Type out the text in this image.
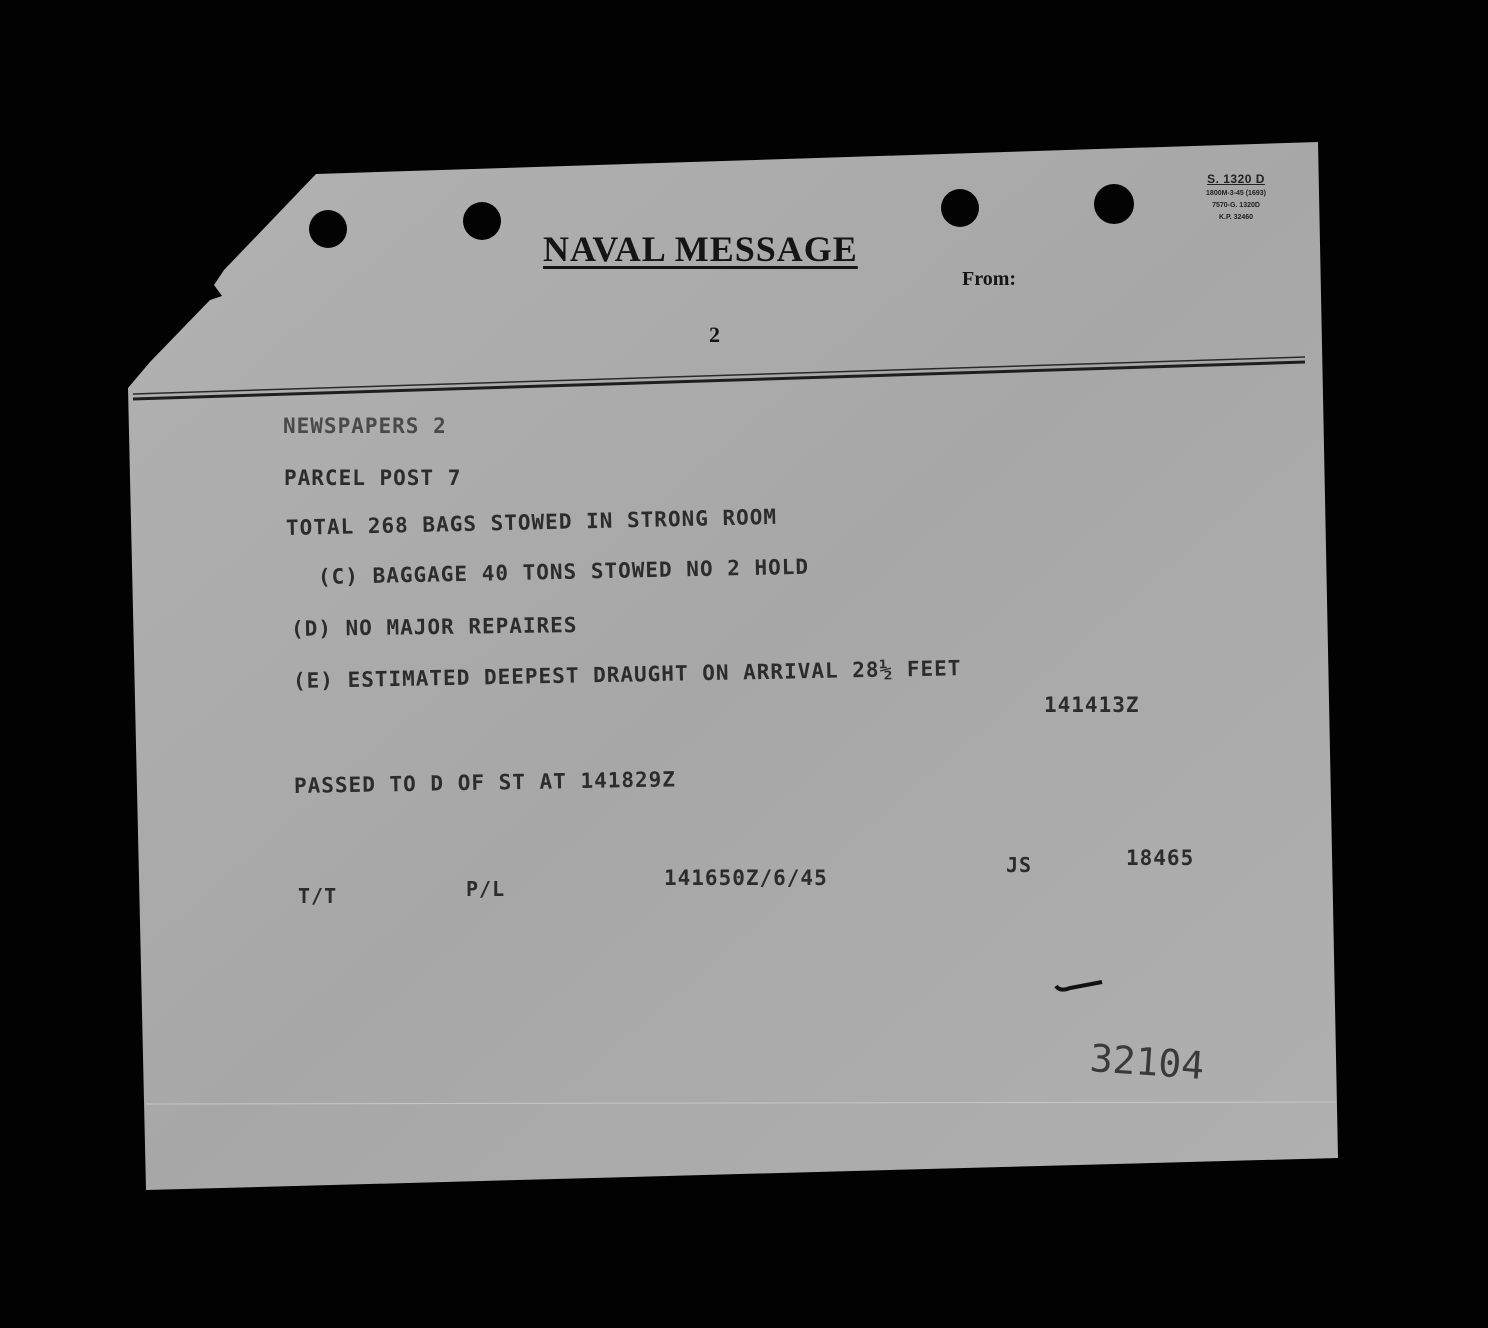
S. 1320 D
1800M-3-45 (1693)
7570-G. 1320D
K.P. 32460
NAVAL MESSAGE
From:
2
NEWSPAPERS 2
PARCEL POST 7
TOTAL 268 BAGS STOWED IN STRONG ROOM
(C) BAGGAGE 40 TONS STOWED NO 2 HOLD
(D) NO MAJOR REPAIRES
(E) ESTIMATED DEEPEST DRAUGHT ON ARRIVAL 28½ FEET
141413Z
PASSED TO D OF ST AT 141829Z
T/T	P/L	141650Z/6/45
JS	18465
32104
